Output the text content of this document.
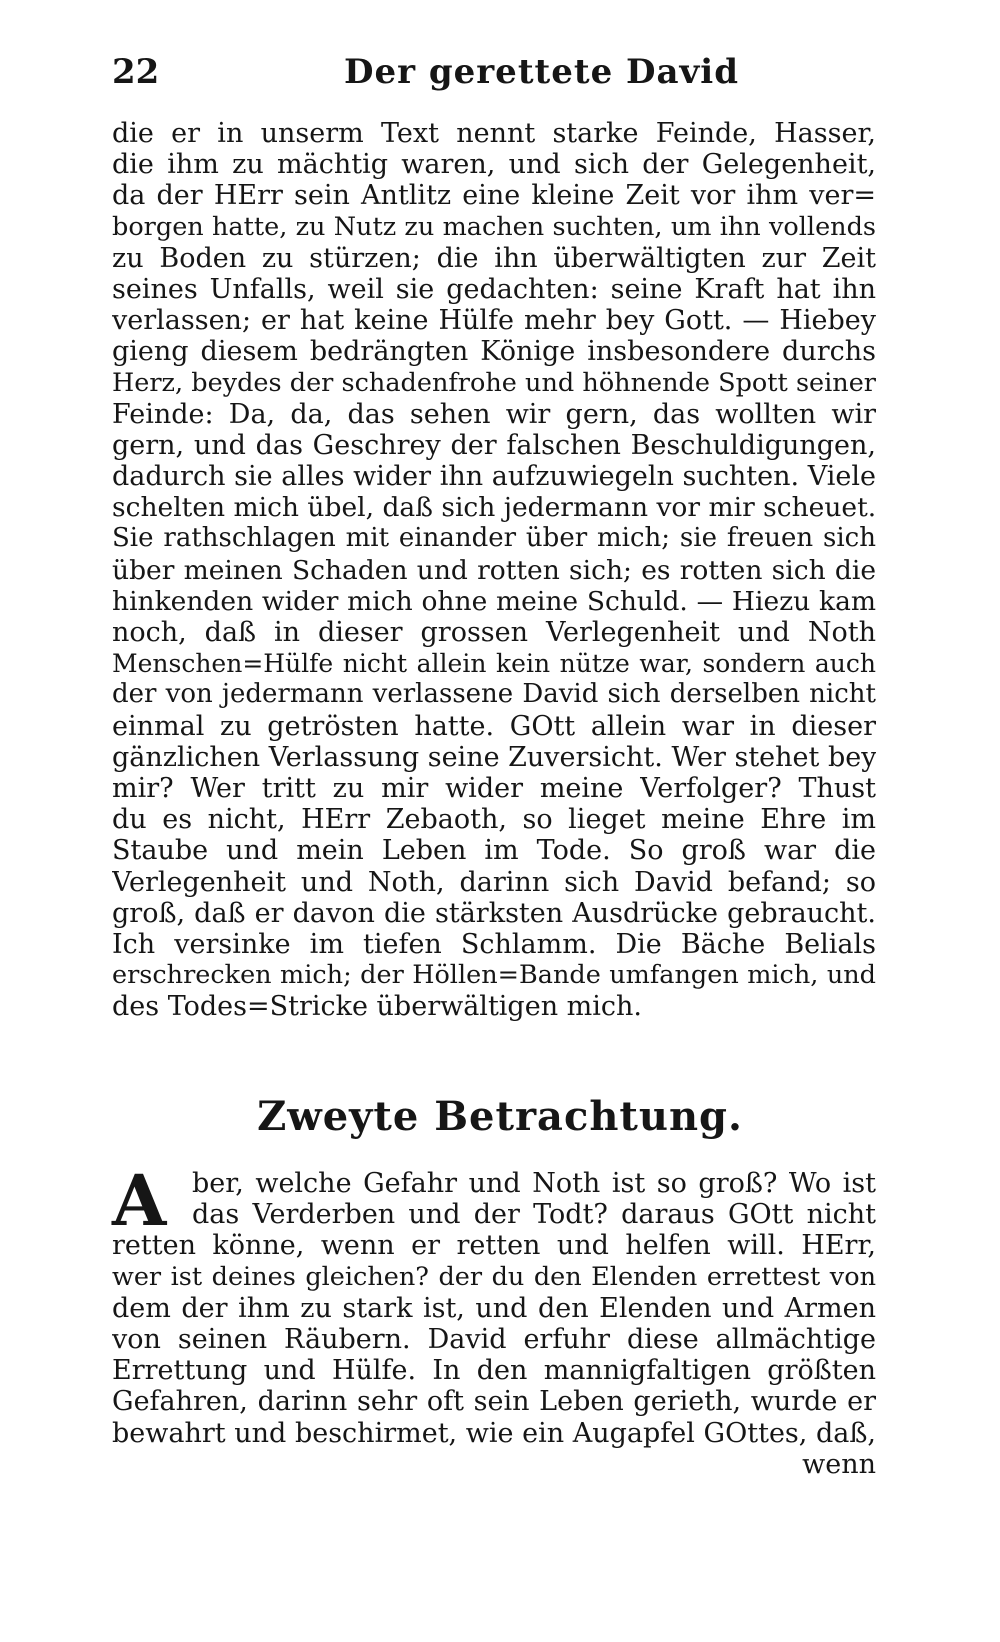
22	Der gerettete David
die er in unserm Text nennt starke Feinde, Hasser,
die ihm zu mächtig waren, und sich der Gelegenheit,
da der HErr sein Antlitz eine kleine Zeit vor ihm ver=
borgen hatte, zu Nutz zu machen suchten, um ihn vollends
zu Boden zu stürzen; die ihn überwältigten zur Zeit
seines Unfalls, weil sie gedachten: seine Kraft hat ihn
verlassen; er hat keine Hülfe mehr bey Gott. — Hiebey
gieng diesem bedrängten Könige insbesondere durchs
Herz, beydes der schadenfrohe und höhnende Spott seiner
Feinde: Da, da, das sehen wir gern, das wollten wir
gern, und das Geschrey der falschen Beschuldigungen,
dadurch sie alles wider ihn aufzuwiegeln suchten. Viele
schelten mich übel, daß sich jedermann vor mir scheuet.
Sie rathschlagen mit einander über mich; sie freuen sich
über meinen Schaden und rotten sich; es rotten sich die
hinkenden wider mich ohne meine Schuld. — Hiezu kam
noch, daß in dieser grossen Verlegenheit und Noth
Menschen=Hülfe nicht allein kein nütze war, sondern auch
der von jedermann verlassene David sich derselben nicht
einmal zu getrösten hatte. GOtt allein war in dieser
gänzlichen Verlassung seine Zuversicht. Wer stehet bey
mir? Wer tritt zu mir wider meine Verfolger? Thust
du es nicht, HErr Zebaoth, so lieget meine Ehre im
Staube und mein Leben im Tode. So groß war die
Verlegenheit und Noth, darinn sich David befand; so
groß, daß er davon die stärksten Ausdrücke gebraucht.
Ich versinke im tiefen Schlamm. Die Bäche Belials
erschrecken mich; der Höllen=Bande umfangen mich, und
des Todes=Stricke überwältigen mich.
Zweyte Betrachtung.
A ber, welche Gefahr und Noth ist so groß? Wo ist
das Verderben und der Todt? daraus GOtt nicht
retten könne, wenn er retten und helfen will. HErr,
wer ist deines gleichen? der du den Elenden errettest von
dem der ihm zu stark ist, und den Elenden und Armen
von seinen Räubern. David erfuhr diese allmächtige
Errettung und Hülfe. In den mannigfaltigen größten
Gefahren, darinn sehr oft sein Leben gerieth, wurde er
bewahrt und beschirmet, wie ein Augapfel GOttes, daß,
wenn
